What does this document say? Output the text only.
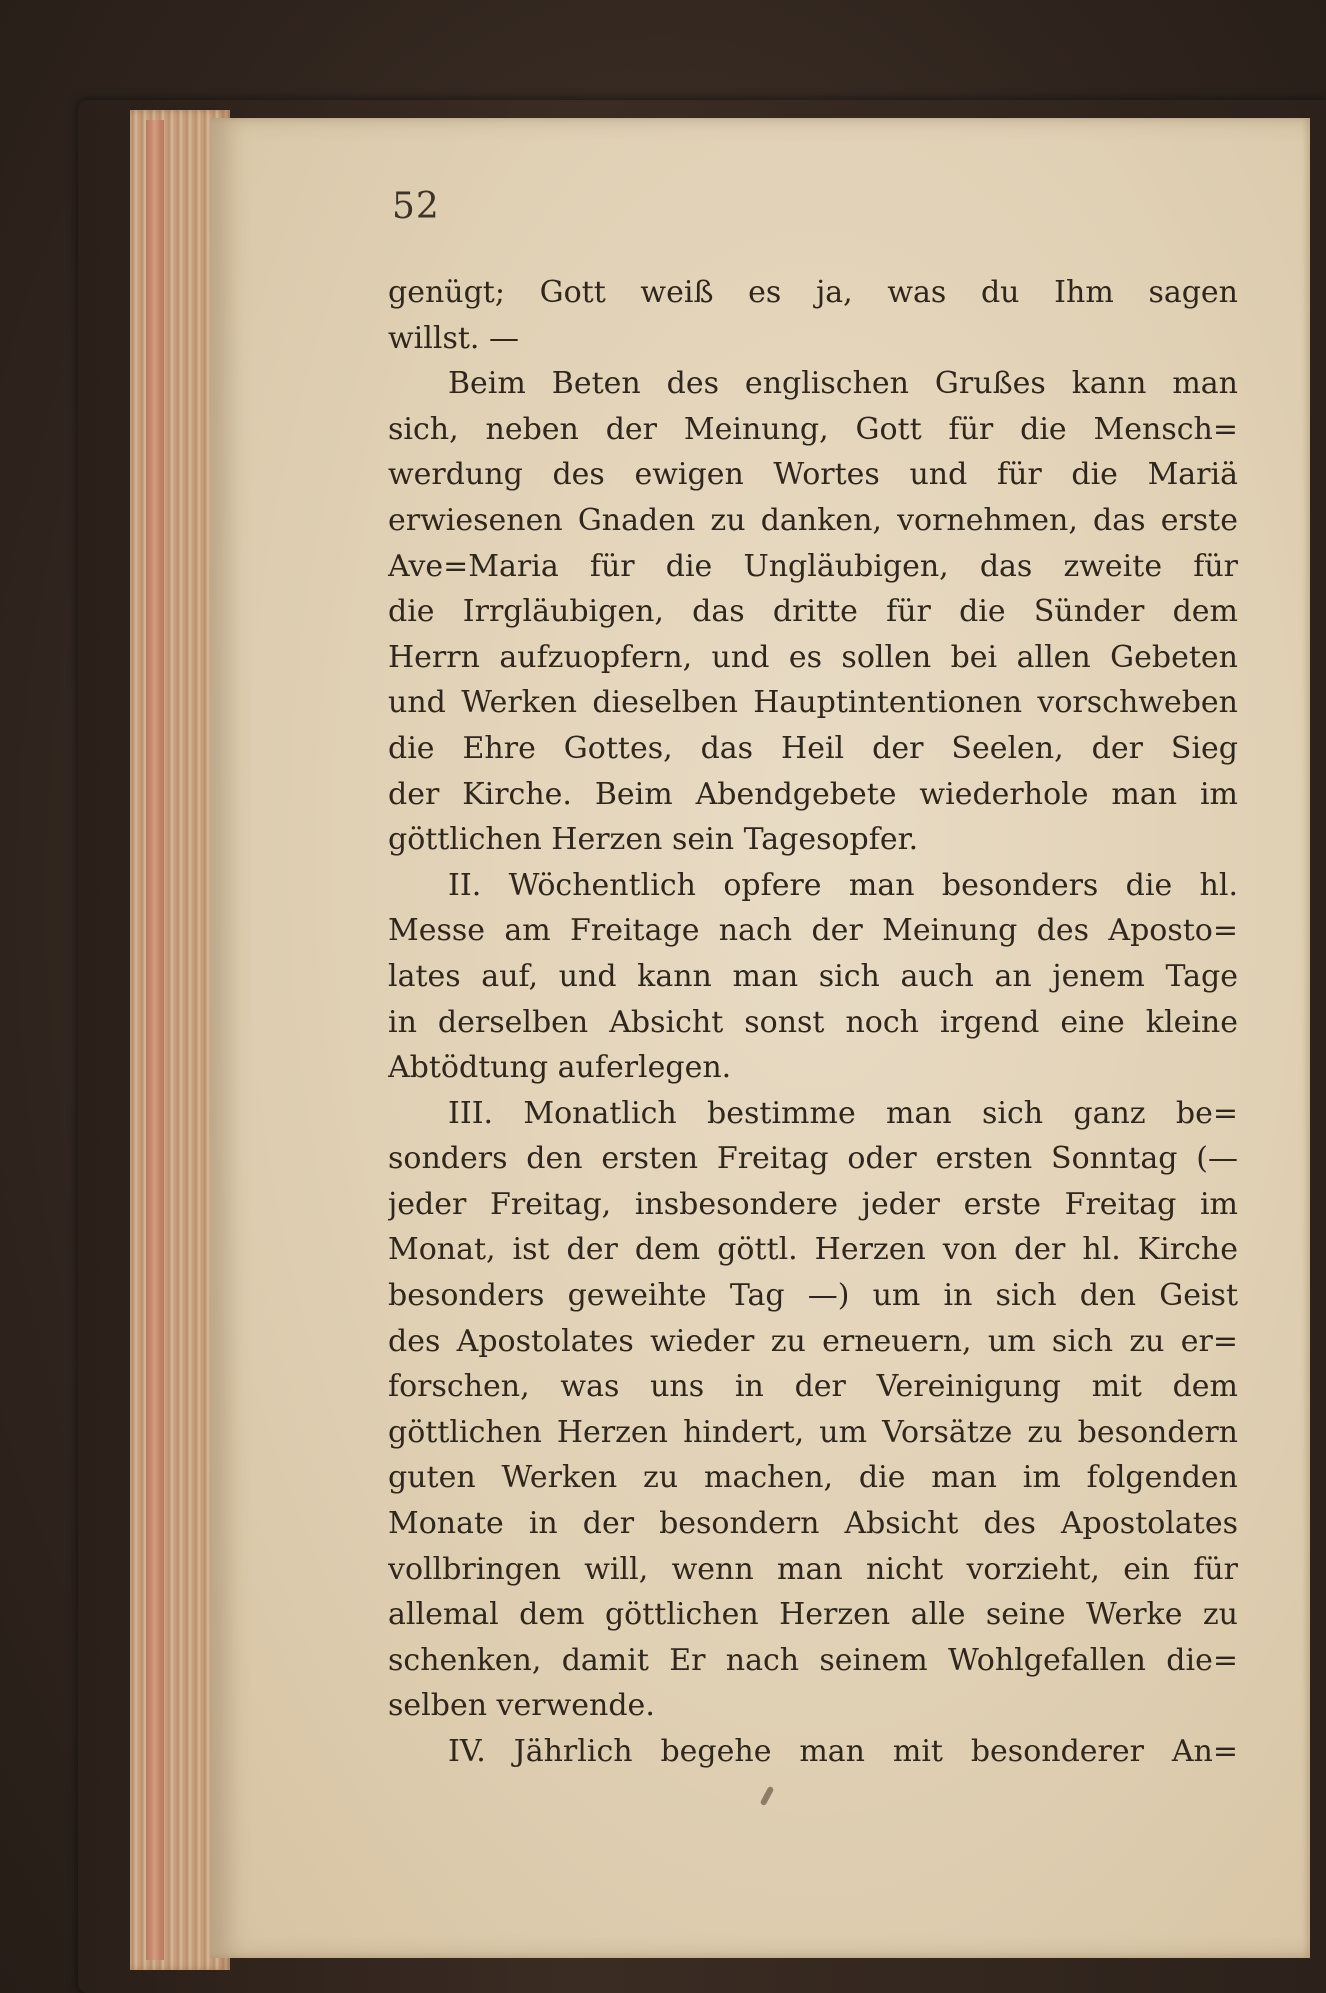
52
genügt; Gott weiß es ja, was du Ihm sagen
willst. —
Beim Beten des englischen Grußes kann man
sich, neben der Meinung, Gott für die Mensch=
werdung des ewigen Wortes und für die Mariä
erwiesenen Gnaden zu danken, vornehmen, das erste
Ave=Maria für die Ungläubigen, das zweite für
die Irrgläubigen, das dritte für die Sünder dem
Herrn aufzuopfern, und es sollen bei allen Gebeten
und Werken dieselben Hauptintentionen vorschweben
die Ehre Gottes, das Heil der Seelen, der Sieg
der Kirche. Beim Abendgebete wiederhole man im
göttlichen Herzen sein Tagesopfer.
II. Wöchentlich opfere man besonders die hl.
Messe am Freitage nach der Meinung des Aposto=
lates auf, und kann man sich auch an jenem Tage
in derselben Absicht sonst noch irgend eine kleine
Abtödtung auferlegen.
III. Monatlich bestimme man sich ganz be=
sonders den ersten Freitag oder ersten Sonntag (—
jeder Freitag, insbesondere jeder erste Freitag im
Monat, ist der dem göttl. Herzen von der hl. Kirche
besonders geweihte Tag —) um in sich den Geist
des Apostolates wieder zu erneuern, um sich zu er=
forschen, was uns in der Vereinigung mit dem
göttlichen Herzen hindert, um Vorsätze zu besondern
guten Werken zu machen, die man im folgenden
Monate in der besondern Absicht des Apostolates
vollbringen will, wenn man nicht vorzieht, ein für
allemal dem göttlichen Herzen alle seine Werke zu
schenken, damit Er nach seinem Wohlgefallen die=
selben verwende.
IV. Jährlich begehe man mit besonderer An=
